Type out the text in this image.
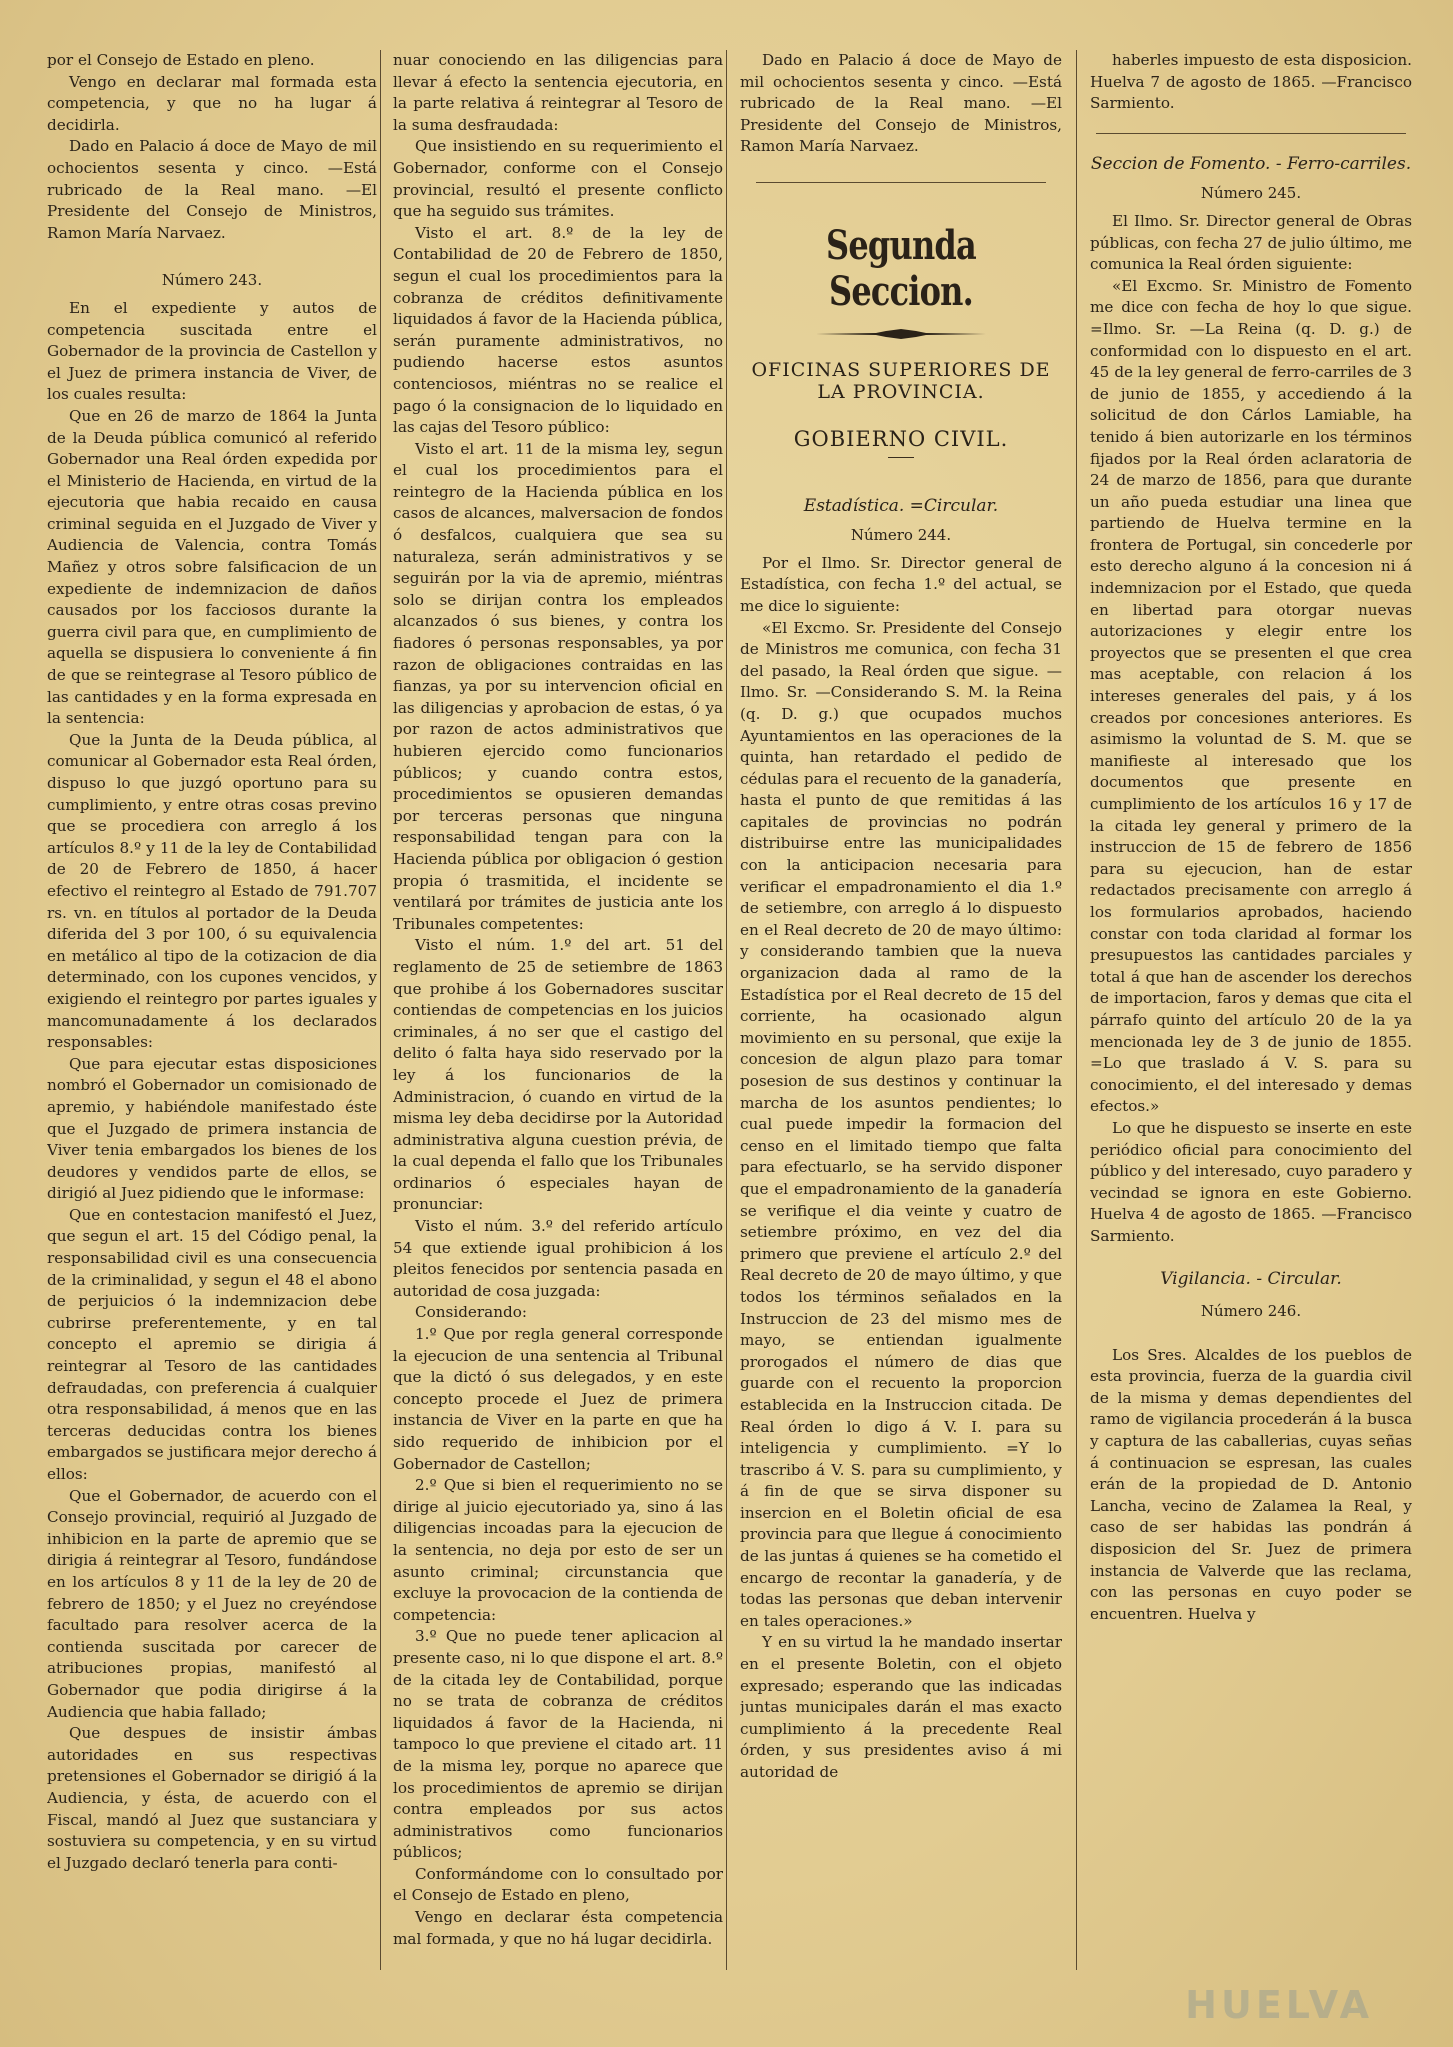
por el Consejo de Estado en pleno.

Vengo en declarar mal formada esta competencia, y que no ha lugar á decidirla.

Dado en Palacio á doce de Mayo de mil ochocientos sesenta y cinco. —Está rubricado de la Real mano. —El Presidente del Consejo de Ministros, Ramon María Narvaez.

Número 243.

En el expediente y autos de competencia suscitada entre el Gobernador de la provincia de Castellon y el Juez de primera instancia de Viver, de los cuales resulta:

Que en 26 de marzo de 1864 la Junta de la Deuda pública comunicó al referido Gobernador una Real órden expedida por el Ministerio de Hacienda, en virtud de la ejecutoria que habia recaido en causa criminal seguida en el Juzgado de Viver y Audiencia de Valencia, contra Tomás Mañez y otros sobre falsificacion de un expediente de indemnizacion de daños causados por los facciosos durante la guerra civil para que, en cumplimiento de aquella se dispusiera lo conveniente á fin de que se reintegrase al Tesoro público de las cantidades y en la forma expresada en la sentencia:

Que la Junta de la Deuda pública, al comunicar al Gobernador esta Real órden, dispuso lo que juzgó oportuno para su cumplimiento, y entre otras cosas previno que se procediera con arreglo á los artículos 8.º y 11 de la ley de Contabilidad de 20 de Febrero de 1850, á hacer efectivo el reintegro al Estado de 791.707 rs. vn. en títulos al portador de la Deuda diferida del 3 por 100, ó su equivalencia en metálico al tipo de la cotizacion de dia determinado, con los cupones vencidos, y exigiendo el reintegro por partes iguales y mancomunadamente á los declarados responsables:

Que para ejecutar estas disposiciones nombró el Gobernador un comisionado de apremio, y habiéndole manifestado éste que el Juzgado de primera instancia de Viver tenia embargados los bienes de los deudores y vendidos parte de ellos, se dirigió al Juez pidiendo que le informase:

Que en contestacion manifestó el Juez, que segun el art. 15 del Código penal, la responsabilidad civil es una consecuencia de la criminalidad, y segun el 48 el abono de perjuicios ó la indemnizacion debe cubrirse preferentemente, y en tal concepto el apremio se dirigia á reintegrar al Tesoro de las cantidades defraudadas, con preferencia á cualquier otra responsabilidad, á menos que en las terceras deducidas contra los bienes embargados se justificara mejor derecho á ellos:

Que el Gobernador, de acuerdo con el Consejo provincial, requirió al Juzgado de inhibicion en la parte de apremio que se dirigia á reintegrar al Tesoro, fundándose en los artículos 8 y 11 de la ley de 20 de febrero de 1850; y el Juez no creyéndose facultado para resolver acerca de la contienda suscitada por carecer de atribuciones propias, manifestó al Gobernador que podia dirigirse á la Audiencia que habia fallado;

Que despues de insistir ámbas autoridades en sus respectivas pretensiones el Gobernador se dirigió á la Audiencia, y ésta, de acuerdo con el Fiscal, mandó al Juez que sustanciara y sostuviera su competencia, y en su virtud el Juzgado declaró tenerla para conti-

nuar conociendo en las diligencias para llevar á efecto la sentencia ejecutoria, en la parte relativa á reintegrar al Tesoro de la suma desfraudada:

Que insistiendo en su requerimiento el Gobernador, conforme con el Consejo provincial, resultó el presente conflicto que ha seguido sus trámites.

Visto el art. 8.º de la ley de Contabilidad de 20 de Febrero de 1850, segun el cual los procedimientos para la cobranza de créditos definitivamente liquidados á favor de la Hacienda pública, serán puramente administrativos, no pudiendo hacerse estos asuntos contenciosos, miéntras no se realice el pago ó la consignacion de lo liquidado en las cajas del Tesoro público:

Visto el art. 11 de la misma ley, segun el cual los procedimientos para el reintegro de la Hacienda pública en los casos de alcances, malversacion de fondos ó desfalcos, cualquiera que sea su naturaleza, serán administrativos y se seguirán por la via de apremio, miéntras solo se dirijan contra los empleados alcanzados ó sus bienes, y contra los fiadores ó personas responsables, ya por razon de obligaciones contraidas en las fianzas, ya por su intervencion oficial en las diligencias y aprobacion de estas, ó ya por razon de actos administrativos que hubieren ejercido como funcionarios públicos; y cuando contra estos, procedimientos se opusieren demandas por terceras personas que ninguna responsabilidad tengan para con la Hacienda pública por obligacion ó gestion propia ó trasmitida, el incidente se ventilará por trámites de justicia ante los Tribunales competentes:

Visto el núm. 1.º del art. 51 del reglamento de 25 de setiembre de 1863 que prohibe á los Gobernadores suscitar contiendas de competencias en los juicios criminales, á no ser que el castigo del delito ó falta haya sido reservado por la ley á los funcionarios de la Administracion, ó cuando en virtud de la misma ley deba decidirse por la Autoridad administrativa alguna cuestion prévia, de la cual dependa el fallo que los Tribunales ordinarios ó especiales hayan de pronunciar:

Visto el núm. 3.º del referido artículo 54 que extiende igual prohibicion á los pleitos fenecidos por sentencia pasada en autoridad de cosa juzgada:

Considerando:

1.º Que por regla general corresponde la ejecucion de una sentencia al Tribunal que la dictó ó sus delegados, y en este concepto procede el Juez de primera instancia de Viver en la parte en que ha sido requerido de inhibicion por el Gobernador de Castellon;

2.º Que si bien el requerimiento no se dirige al juicio ejecutoriado ya, sino á las diligencias incoadas para la ejecucion de la sentencia, no deja por esto de ser un asunto criminal; circunstancia que excluye la provocacion de la contienda de competencia:

3.º Que no puede tener aplicacion al presente caso, ni lo que dispone el art. 8.º de la citada ley de Contabilidad, porque no se trata de cobranza de créditos liquidados á favor de la Hacienda, ni tampoco lo que previene el citado art. 11 de la misma ley, porque no aparece que los procedimientos de apremio se dirijan contra empleados por sus actos administrativos como funcionarios públicos;

Conformándome con lo consultado por el Consejo de Estado en pleno,

Vengo en declarar ésta competencia mal formada, y que no há lugar decidirla.

Dado en Palacio á doce de Mayo de mil ochocientos sesenta y cinco. —Está rubricado de la Real mano. —El Presidente del Consejo de Ministros, Ramon María Narvaez.

Segunda Seccion.

OFICINAS SUPERIORES DE LA PROVINCIA.

GOBIERNO CIVIL.

Estadística. =Circular.

Número 244.

Por el Ilmo. Sr. Director general de Estadística, con fecha 1.º del actual, se me dice lo siguiente:

«El Excmo. Sr. Presidente del Consejo de Ministros me comunica, con fecha 31 del pasado, la Real órden que sigue. —Ilmo. Sr. —Considerando S. M. la Reina (q. D. g.) que ocupados muchos Ayuntamientos en las operaciones de la quinta, han retardado el pedido de cédulas para el recuento de la ganadería, hasta el punto de que remitidas á las capitales de provincias no podrán distribuirse entre las municipalidades con la anticipacion necesaria para verificar el empadronamiento el dia 1.º de setiembre, con arreglo á lo dispuesto en el Real decreto de 20 de mayo último: y considerando tambien que la nueva organizacion dada al ramo de la Estadística por el Real decreto de 15 del corriente, ha ocasionado algun movimiento en su personal, que exije la concesion de algun plazo para tomar posesion de sus destinos y continuar la marcha de los asuntos pendientes; lo cual puede impedir la formacion del censo en el limitado tiempo que falta para efectuarlo, se ha servido disponer que el empadronamiento de la ganadería se verifique el dia veinte y cuatro de setiembre próximo, en vez del dia primero que previene el artículo 2.º del Real decreto de 20 de mayo último, y que todos los términos señalados en la Instruccion de 23 del mismo mes de mayo, se entiendan igualmente prorogados el número de dias que guarde con el recuento la proporcion establecida en la Instruccion citada. De Real órden lo digo á V. I. para su inteligencia y cumplimiento. =Y lo trascribo á V. S. para su cumplimiento, y á fin de que se sirva disponer su insercion en el Boletin oficial de esa provincia para que llegue á conocimiento de las juntas á quienes se ha cometido el encargo de recontar la ganadería, y de todas las personas que deban intervenir en tales operaciones.»

Y en su virtud la he mandado insertar en el presente Boletin, con el objeto expresado; esperando que las indicadas juntas municipales darán el mas exacto cumplimiento á la precedente Real órden, y sus presidentes aviso á mi autoridad de

haberles impuesto de esta disposicion. Huelva 7 de agosto de 1865. —Francisco Sarmiento.

Seccion de Fomento. - Ferro-carriles.

Número 245.

El Ilmo. Sr. Director general de Obras públicas, con fecha 27 de julio último, me comunica la Real órden siguiente:

«El Excmo. Sr. Ministro de Fomento me dice con fecha de hoy lo que sigue. =Ilmo. Sr. —La Reina (q. D. g.) de conformidad con lo dispuesto en el art. 45 de la ley general de ferro-carriles de 3 de junio de 1855, y accediendo á la solicitud de don Cárlos Lamiable, ha tenido á bien autorizarle en los términos fijados por la Real órden aclaratoria de 24 de marzo de 1856, para que durante un año pueda estudiar una linea que partiendo de Huelva termine en la frontera de Portugal, sin concederle por esto derecho alguno á la concesion ni á indemnizacion por el Estado, que queda en libertad para otorgar nuevas autorizaciones y elegir entre los proyectos que se presenten el que crea mas aceptable, con relacion á los intereses generales del pais, y á los creados por concesiones anteriores. Es asimismo la voluntad de S. M. que se manifieste al interesado que los documentos que presente en cumplimiento de los artículos 16 y 17 de la citada ley general y primero de la instruccion de 15 de febrero de 1856 para su ejecucion, han de estar redactados precisamente con arreglo á los formularios aprobados, haciendo constar con toda claridad al formar los presupuestos las cantidades parciales y total á que han de ascender los derechos de importacion, faros y demas que cita el párrafo quinto del artículo 20 de la ya mencionada ley de 3 de junio de 1855. =Lo que traslado á V. S. para su conocimiento, el del interesado y demas efectos.»

Lo que he dispuesto se inserte en este periódico oficial para conocimiento del público y del interesado, cuyo paradero y vecindad se ignora en este Gobierno. Huelva 4 de agosto de 1865. —Francisco Sarmiento.

Vigilancia. - Circular.

Número 246.

Los Sres. Alcaldes de los pueblos de esta provincia, fuerza de la guardia civil de la misma y demas dependientes del ramo de vigilancia procederán á la busca y captura de las caballerias, cuyas señas á continuacion se espresan, las cuales erán de la propiedad de D. Antonio Lancha, vecino de Zalamea la Real, y caso de ser habidas las pondrán á disposicion del Sr. Juez de primera instancia de Valverde que las reclama, con las personas en cuyo poder se encuentren. Huelva y

HUELVA
